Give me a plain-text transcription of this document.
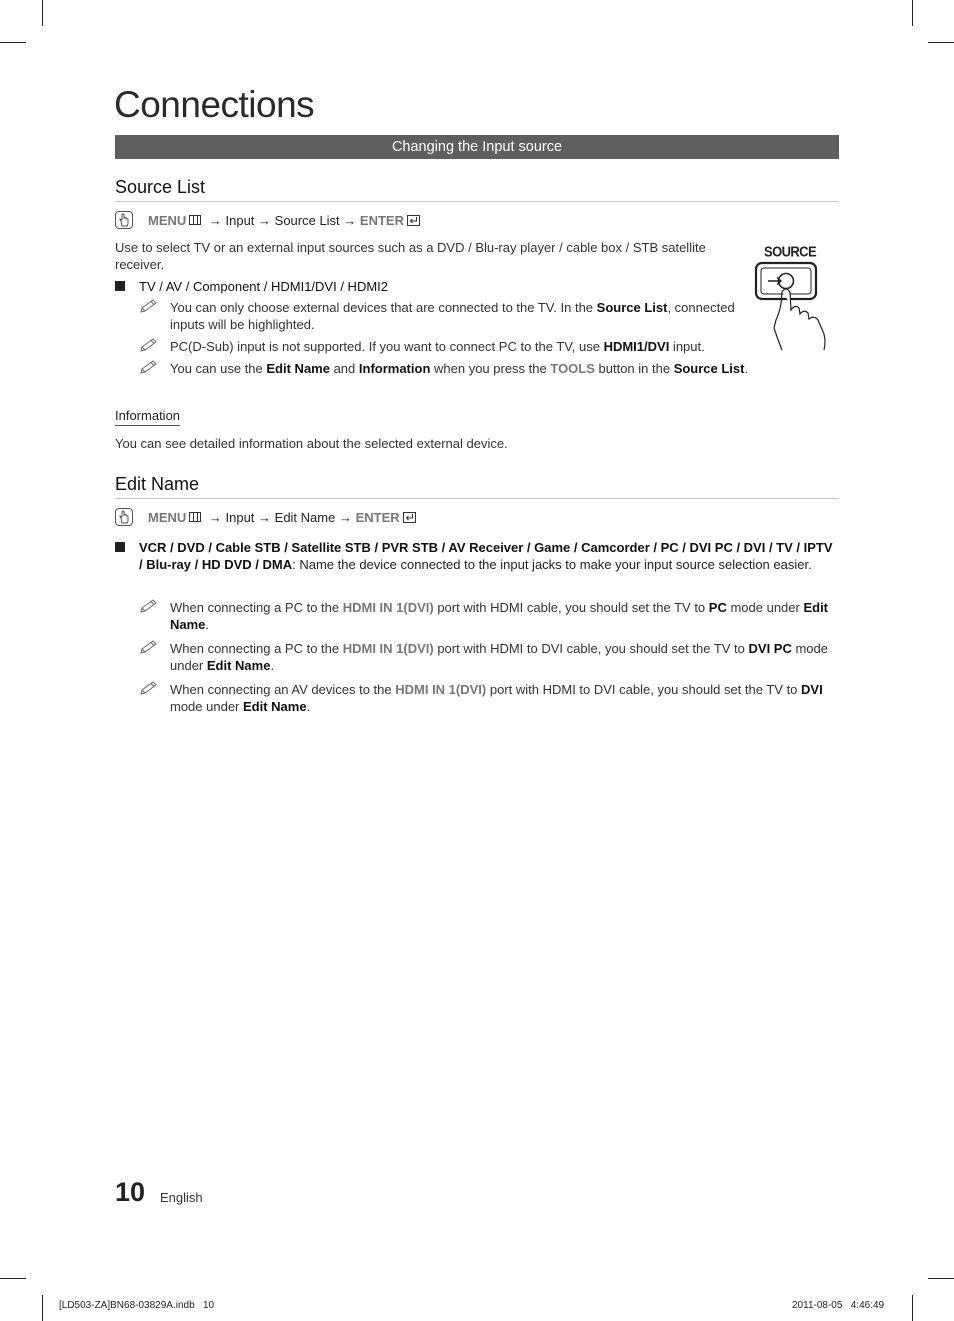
Connections
Changing the Input source
Source List
MENU → Input → Source List → ENTER
Use to select TV or an external input sources such as a DVD / Blu-ray player / cable box / STB satellite receiver.
TV / AV / Component / HDMI1/DVI / HDMI2
You can only choose external devices that are connected to the TV. In the Source List, connected inputs will be highlighted.
PC(D-Sub) input is not supported. If you want to connect PC to the TV, use HDMI1/DVI input.
You can use the Edit Name and Information when you press the TOOLS button in the Source List.
SOURCE
Information
You can see detailed information about the selected external device.
Edit Name
MENU → Input → Edit Name → ENTER
VCR / DVD / Cable STB / Satellite STB / PVR STB / AV Receiver / Game / Camcorder / PC / DVI PC / DVI / TV / IPTV / Blu-ray / HD DVD / DMA: Name the device connected to the input jacks to make your input source selection easier.
When connecting a PC to the HDMI IN 1(DVI) port with HDMI cable, you should set the TV to PC mode under Edit Name.
When connecting a PC to the HDMI IN 1(DVI) port with HDMI to DVI cable, you should set the TV to DVI PC mode under Edit Name.
When connecting an AV devices to the HDMI IN 1(DVI) port with HDMI to DVI cable, you should set the TV to DVI mode under Edit Name.
10 English
[LD503-ZA]BN68-03829A.indb   10	2011-08-05   4:46:49
